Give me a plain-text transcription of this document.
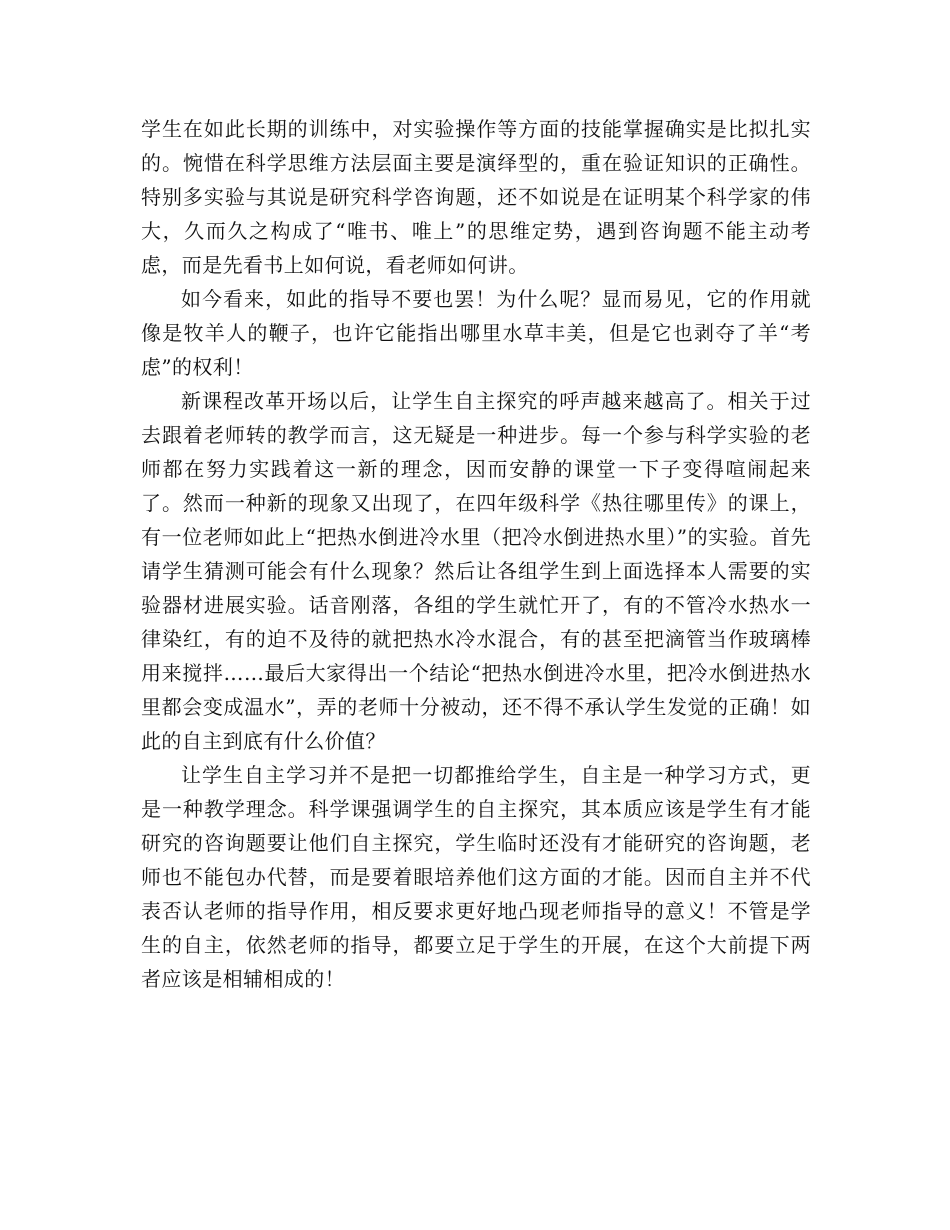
学生在如此长期的训练中，对实验操作等方面的技能掌握确实是比拟扎实的。惋惜在科学思维方法层面主要是演绎型的，重在验证知识的正确性。特别多实验与其说是研究科学咨询题，还不如说是在证明某个科学家的伟大，久而久之构成了“唯书、唯上”的思维定势，遇到咨询题不能主动考虑，而是先看书上如何说，看老师如何讲。

如今看来，如此的指导不要也罢！为什么呢？显而易见，它的作用就像是牧羊人的鞭子，也许它能指出哪里水草丰美，但是它也剥夺了羊“考虑”的权利！

新课程改革开场以后，让学生自主探究的呼声越来越高了。相关于过去跟着老师转的教学而言，这无疑是一种进步。每一个参与科学实验的老师都在努力实践着这一新的理念，因而安静的课堂一下子变得喧闹起来了。然而一种新的现象又出现了，在四年级科学《热往哪里传》的课上，有一位老师如此上“把热水倒进冷水里（把冷水倒进热水里）”的实验。首先请学生猜测可能会有什么现象？然后让各组学生到上面选择本人需要的实验器材进展实验。话音刚落，各组的学生就忙开了，有的不管冷水热水一律染红，有的迫不及待的就把热水冷水混合，有的甚至把滴管当作玻璃棒用来搅拌……最后大家得出一个结论“把热水倒进冷水里，把冷水倒进热水里都会变成温水”，弄的老师十分被动，还不得不承认学生发觉的正确！如此的自主到底有什么价值？

让学生自主学习并不是把一切都推给学生，自主是一种学习方式，更是一种教学理念。科学课强调学生的自主探究，其本质应该是学生有才能研究的咨询题要让他们自主探究，学生临时还没有才能研究的咨询题，老师也不能包办代替，而是要着眼培养他们这方面的才能。因而自主并不代表否认老师的指导作用，相反要求更好地凸现老师指导的意义！不管是学生的自主，依然老师的指导，都要立足于学生的开展，在这个大前提下两者应该是相辅相成的！
